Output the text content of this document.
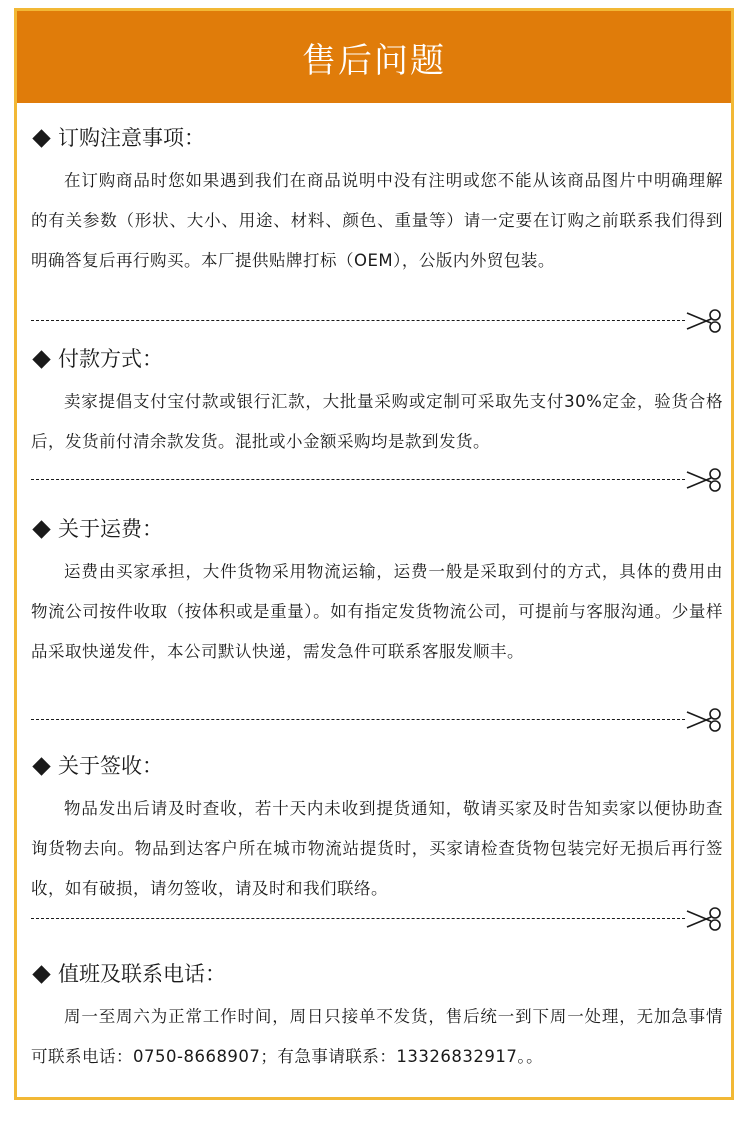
售后问题
订购注意事项：

在订购商品时您如果遇到我们在商品说明中没有注明或您不能从该商品图片中明确理解的有关参数（形状、大小、用途、材料、颜色、重量等）请一定要在订购之前联系我们得到明确答复后再行购买。本厂提供贴牌打标（OEM），公版内外贸包装。

付款方式：

卖家提倡支付宝付款或银行汇款，大批量采购或定制可采取先支付30%定金，验货合格后，发货前付清余款发货。混批或小金额采购均是款到发货。

关于运费：

运费由买家承担，大件货物采用物流运输，运费一般是采取到付的方式，具体的费用由物流公司按件收取（按体积或是重量）。如有指定发货物流公司，可提前与客服沟通。少量样品采取快递发件，本公司默认快递，需发急件可联系客服发顺丰。

关于签收：

物品发出后请及时查收，若十天内未收到提货通知，敬请买家及时告知卖家以便协助查询货物去向。物品到达客户所在城市物流站提货时，买家请检查货物包装完好无损后再行签收，如有破损，请勿签收，请及时和我们联络。

值班及联系电话：

周一至周六为正常工作时间，周日只接单不发货，售后统一到下周一处理，无加急事情可联系电话：0750-8668907；有急事请联系：13326832917。。
